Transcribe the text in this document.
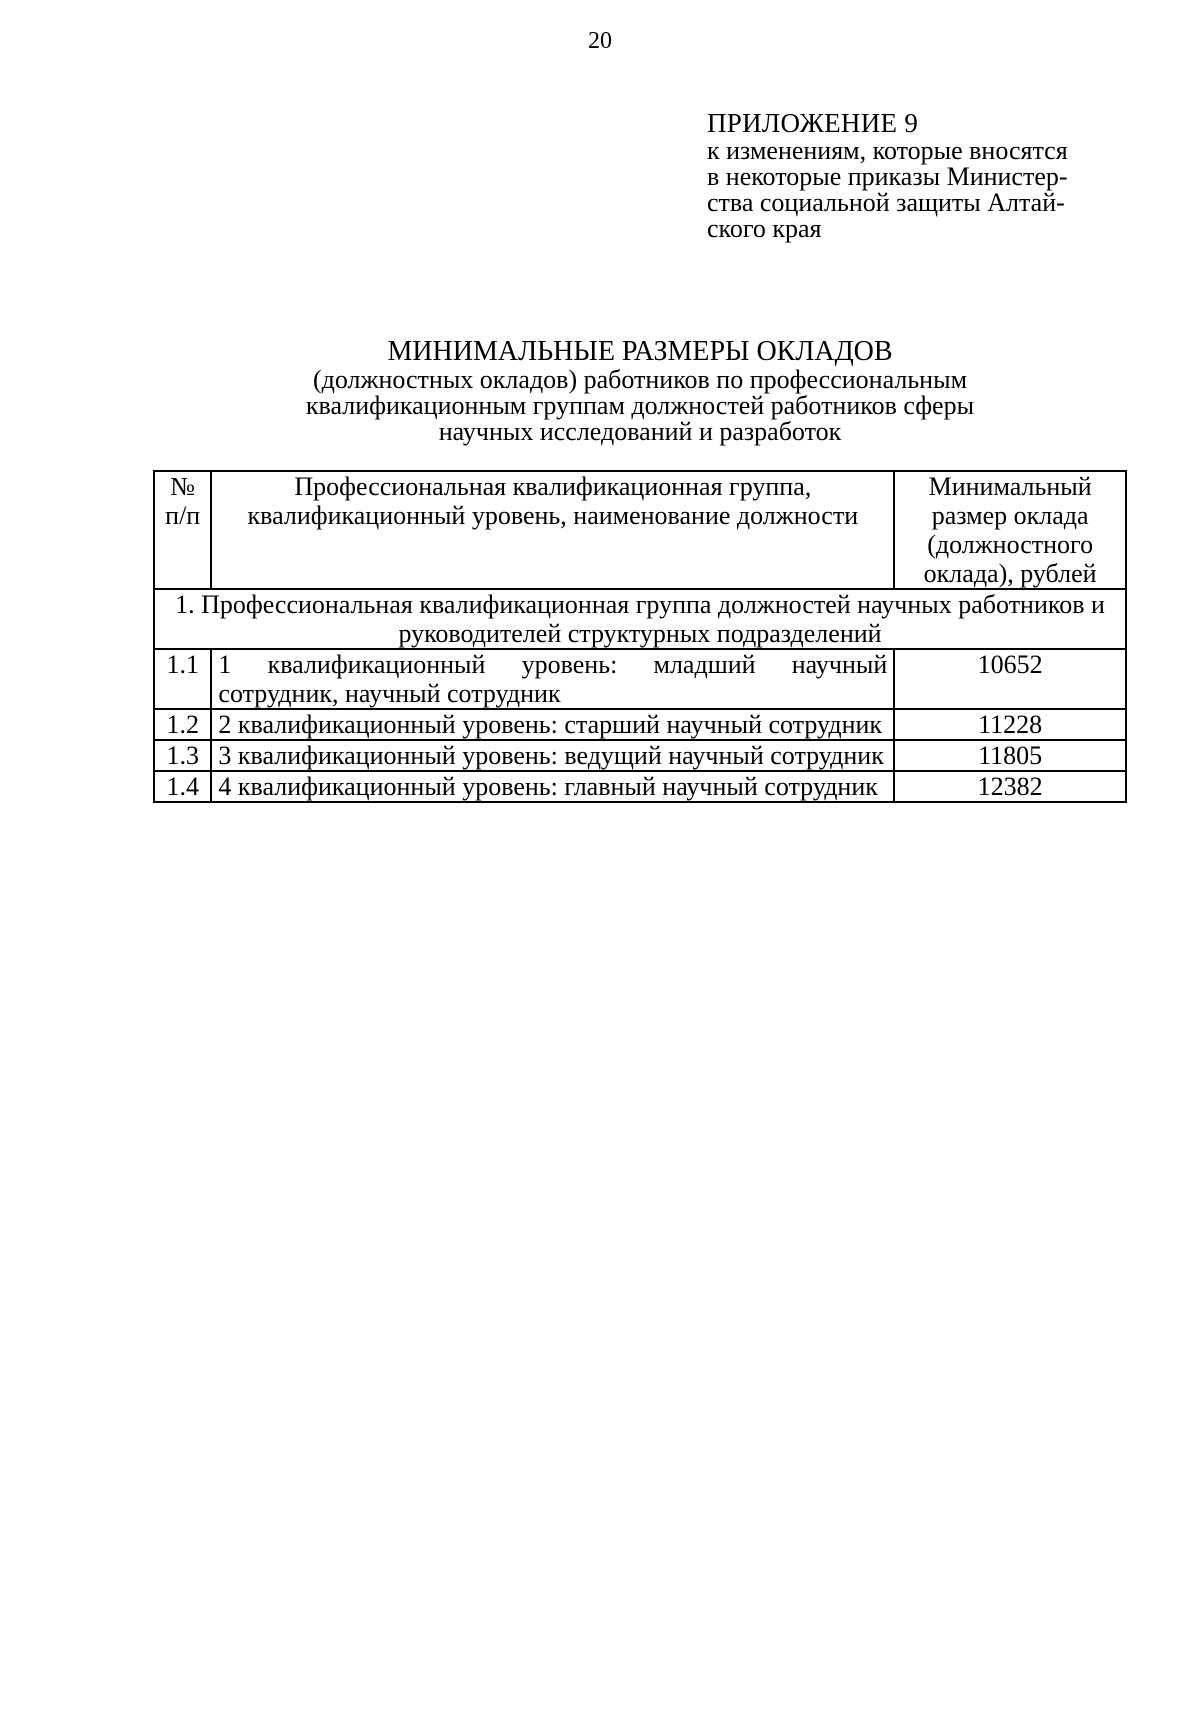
20
ПРИЛОЖЕНИЕ 9
к изменениям, которые вносятся
в некоторые приказы Министер-
ства социальной защиты Алтай-
ского края
МИНИМАЛЬНЫЕ РАЗМЕРЫ ОКЛАДОВ
(должностных окладов) работников по профессиональным
квалификационным группам должностей работников сферы
научных исследований и разработок
№ п/п	Профессиональная квалификационная группа, квалификационный уровень, наименование должности	Минимальный размер оклада (должностного оклада), рублей
1. Профессиональная квалификационная группа должностей научных работников и руководителей структурных подразделений		
1.1	1 квалификационный уровень: младший научный сотрудник, научный сотрудник	10652
1.2	2 квалификационный уровень: старший научный сотрудник	11228
1.3	3 квалификационный уровень: ведущий научный сотрудник	11805
1.4	4 квалификационный уровень: главный научный сотрудник	12382
